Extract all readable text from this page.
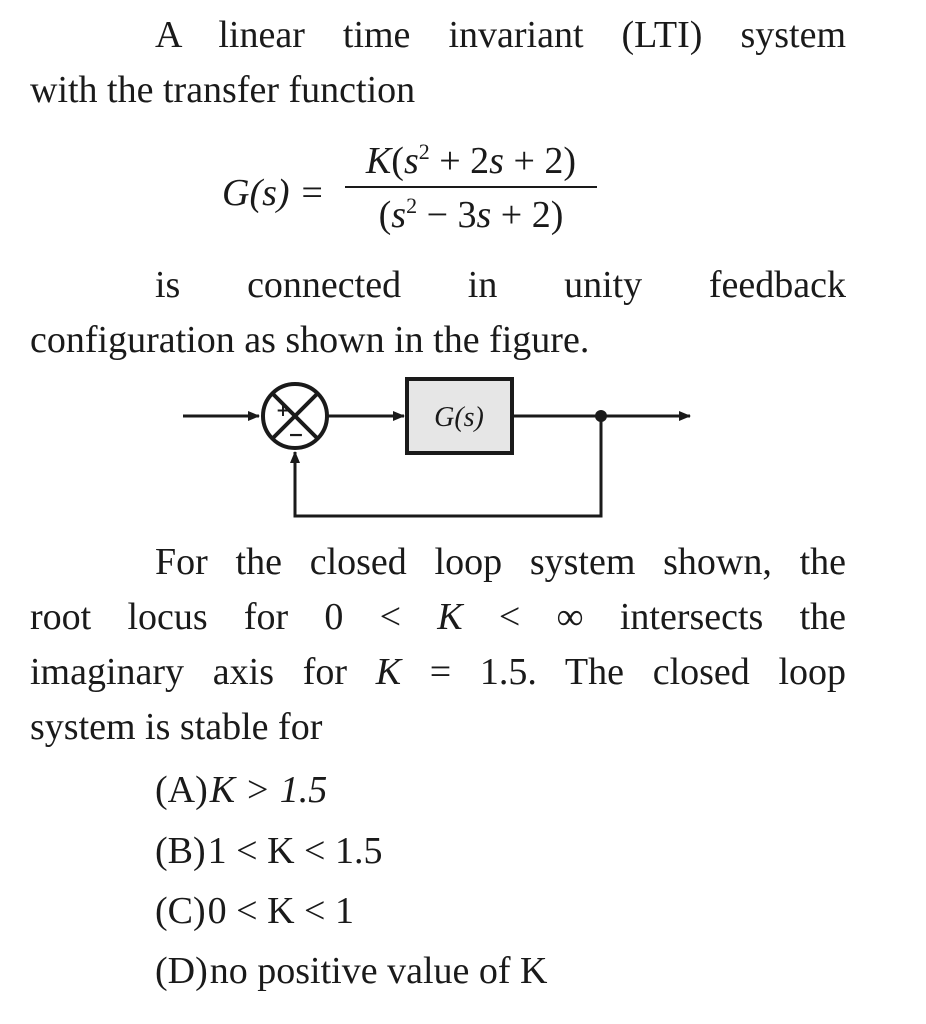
A linear time invariant (LTI) system
with the transfer function
G(s) =
$K(s^2 + 2s + 2)$
$(s^2 - 3s + 2)$
is connected in unity feedback
configuration as shown in the figure.
+
−
G(s)
For the closed loop system shown, the
root locus for 0 < K < ∞ intersects the
imaginary axis for K = 1.5. The closed loop
system is stable for
(A)K > 1.5
(B)1 < K < 1.5
(C)0 < K < 1
(D)no positive value of K
